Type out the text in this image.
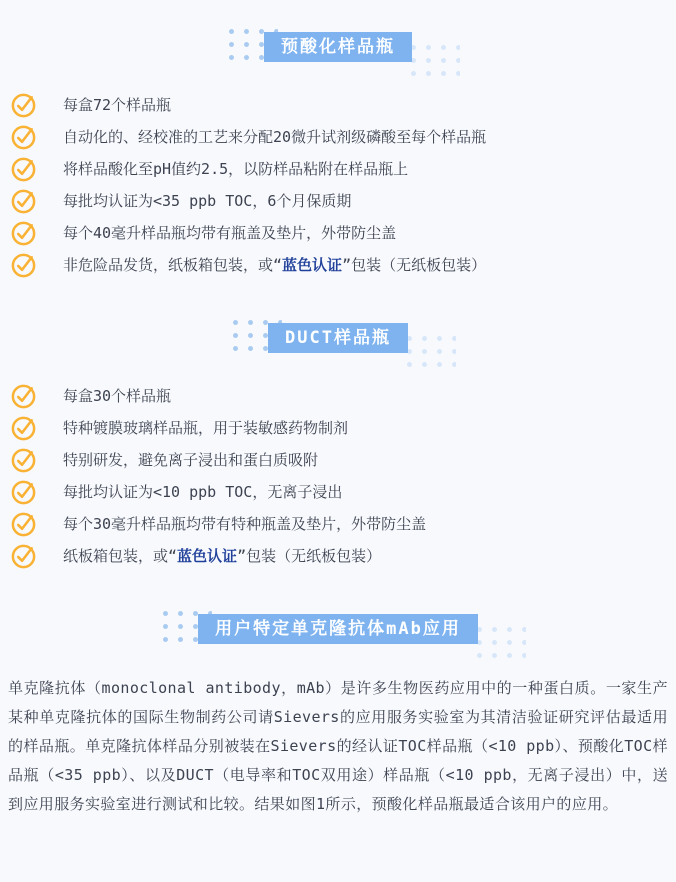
预酸化样品瓶
每盒72个样品瓶
自动化的、经校准的工艺来分配20微升试剂级磷酸至每个样品瓶
将样品酸化至pH值约2.5，以防样品粘附在样品瓶上
每批均认证为<35 ppb TOC，6个月保质期
每个40毫升样品瓶均带有瓶盖及垫片，外带防尘盖
非危险品发货，纸板箱包装，或“蓝色认证”包装（无纸板包装）
DUCT样品瓶
每盒30个样品瓶
特种镀膜玻璃样品瓶，用于装敏感药物制剂
特别研发，避免离子浸出和蛋白质吸附
每批均认证为<10 ppb TOC，无离子浸出
每个30毫升样品瓶均带有特种瓶盖及垫片，外带防尘盖
纸板箱包装，或“蓝色认证”包装（无纸板包装）
用户特定单克隆抗体mAb应用

单克隆抗体（monoclonal antibody，mAb）是许多生物医药应用中的一种蛋白质。一家生产某种单克隆抗体的国际生物制药公司请Sievers的应用服务实验室为其清洁验证研究评估最适用的样品瓶。单克隆抗体样品分别被装在Sievers的经认证TOC样品瓶（<10 ppb）、预酸化TOC样品瓶（<35 ppb）、以及DUCT（电导率和TOC双用途）样品瓶（<10 ppb，无离子浸出）中，送到应用服务实验室进行测试和比较。结果如图1所示，预酸化样品瓶最适合该用户的应用。
